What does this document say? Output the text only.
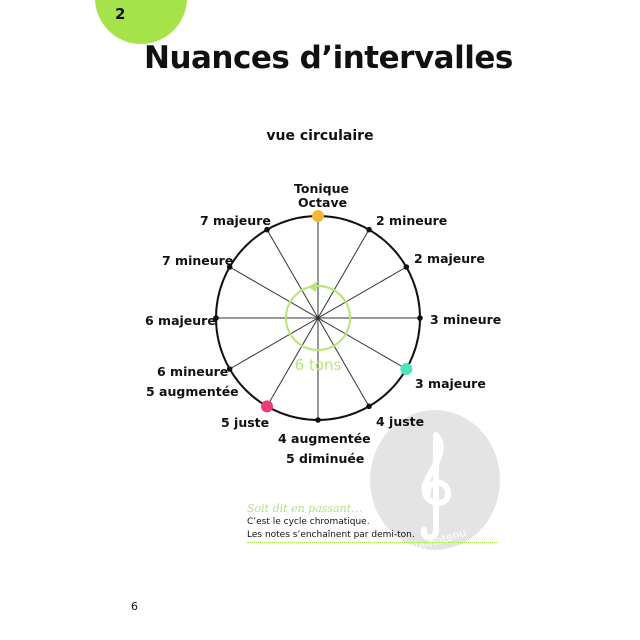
2
Nuances d’intervalles
vue circulaire
elle-notenu
6 tons
Tonique
Octave
2 mineure
2 majeure
3 mineure
3 majeure
4 juste
4 augmentée
5 diminuée
5 juste
6 mineure
5 augmentée
6 majeure
7 mineure
7 majeure
Soit dit en passant…
C’est le cycle chromatique.
Les notes s’enchaînent par demi-ton.
6
